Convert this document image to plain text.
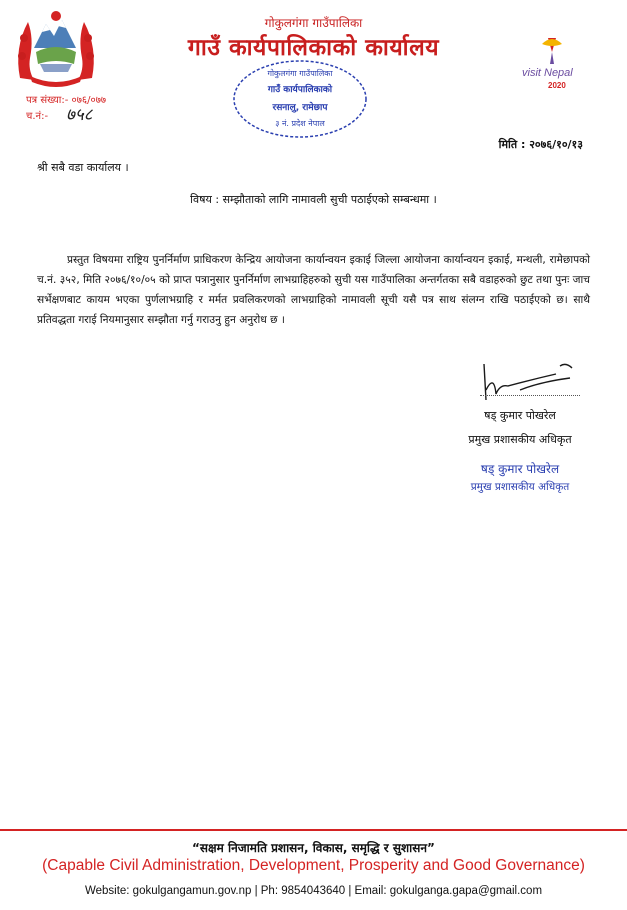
गोकुलगंगा गाउँपालिका
गाउँ कार्यपालिकाको कार्यालय
visit Nepal
2020
पत्र संख्या:- ०७६/०७७
च.नं:- ७५८
गोकुलगंगा गाउँपालिका
गाउँ कार्यपालिकाको
रसनालु, रामेछाप
३ नं. प्रदेश नेपाल
मिति : २०७६/१०/१३
श्री सबै वडा कार्यालय ।
विषय : सम्झौताको लागि नामावली सुची पठाईएको सम्बन्धमा ।
प्रस्तुत विषयमा राष्ट्रिय पुनर्निर्माण प्राधिकरण केन्द्रिय आयोजना कार्यान्वयन इकाई जिल्ला आयोजना कार्यान्वयन इकाई, मन्थली, रामेछापको च.नं. ३५२, मिति २०७६/१०/०५ को प्राप्त पत्रानुसार पुनर्निर्माण लाभग्राहिहरुको सुची यस गाउँपालिका अन्तर्गतका सबै वडाहरुको छुट तथा पुनः जाच सर्भेक्षणबाट कायम भएका पुर्णलाभग्राहि र मर्मत प्रवलिकरणको लाभग्राहिको नामावली सूची यसै पत्र साथ संलग्न राखि पठाईएको छ। साथै प्रतिवद्धता गराई नियमानुसार सम्झौता गर्नु गराउनु हुन अनुरोध छ ।
षड् कुमार पोखरेल
प्रमुख प्रशासकीय अधिकृत
षड् कुमार पोखरेल
प्रमुख प्रशासकीय अधिकृत
“सक्षम निजामति प्रशासन, विकास, समृद्धि र सुशासन”
(Capable Civil Administration, Development, Prosperity and Good Governance)
Website: gokulgangamun.gov.np | Ph: 9854043640 | Email: gokulganga.gapa@gmail.com
